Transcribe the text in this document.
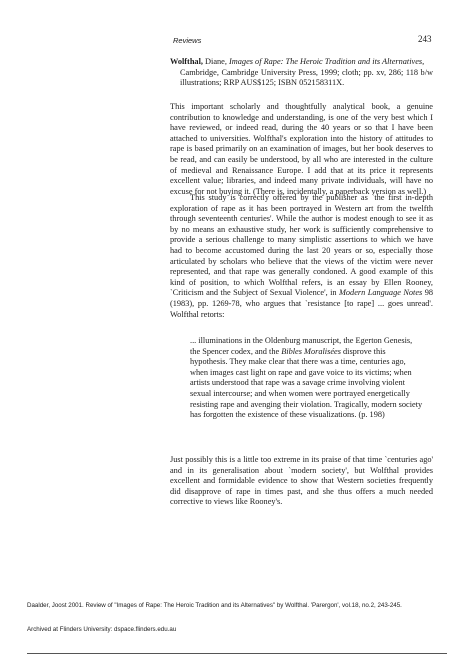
Reviews	243
Wolfthal, Diane, Images of Rape: The Heroic Tradition and its Alternatives,
Cambridge, Cambridge University Press, 1999; cloth; pp. xv, 286; 118 b/w illustrations; RRP AUS$125; ISBN 052158311X.

This important scholarly and thoughtfully analytical book, a genuine contribution to knowledge and understanding, is one of the very best which I have reviewed, or indeed read, during the 40 years or so that I have been attached to universities. Wolfthal's exploration into the history of attitudes to rape is based primarily on an examination of images, but her book deserves to be read, and can easily be understood, by all who are interested in the culture of medieval and Renaissance Europe. I add that at its price it represents excellent value; libraries, and indeed many private individuals, will have no excuse for not buying it. (There is, incidentally, a paperback version as well.)

This study is correctly offered by the publisher as `the first in-depth exploration of rape as it has been portrayed in Western art from the twelfth through seventeenth centuries'. While the author is modest enough to see it as by no means an exhaustive study, her work is sufficiently comprehensive to provide a serious challenge to many simplistic assertions to which we have had to become accustomed during the last 20 years or so, especially those articulated by scholars who believe that the views of the victim were never represented, and that rape was generally condoned. A good example of this kind of position, to which Wolfthal refers, is an essay by Ellen Rooney, `Criticism and the Subject of Sexual Violence', in Modern Language Notes 98 (1983), pp. 1269-78, who argues that `resistance [to rape] ... goes unread'. Wolfthal retorts:

... illuminations in the Oldenburg manuscript, the Egerton Genesis, the Spencer codex, and the Bibles Moralisées disprove this hypothesis. They make clear that there was a time, centuries ago, when images cast light on rape and gave voice to its victims; when artists understood that rape was a savage crime involving violent sexual intercourse; and when women were portrayed energetically resisting rape and avenging their violation. Tragically, modern society has forgotten the existence of these visualizations. (p. 198)

Just possibly this is a little too extreme in its praise of that time `centuries ago' and in its generalisation about `modern society', but Wolfthal provides excellent and formidable evidence to show that Western societies frequently did disapprove of rape in times past, and she thus offers a much needed corrective to views like Rooney's.

Daalder, Joost 2001. Review of "Images of Rape: The Heroic Tradition and its Alternatives" by Wolfthal. 'Parergon', vol.18, no.2, 243-245.
Archived at Flinders University: dspace.flinders.edu.au
